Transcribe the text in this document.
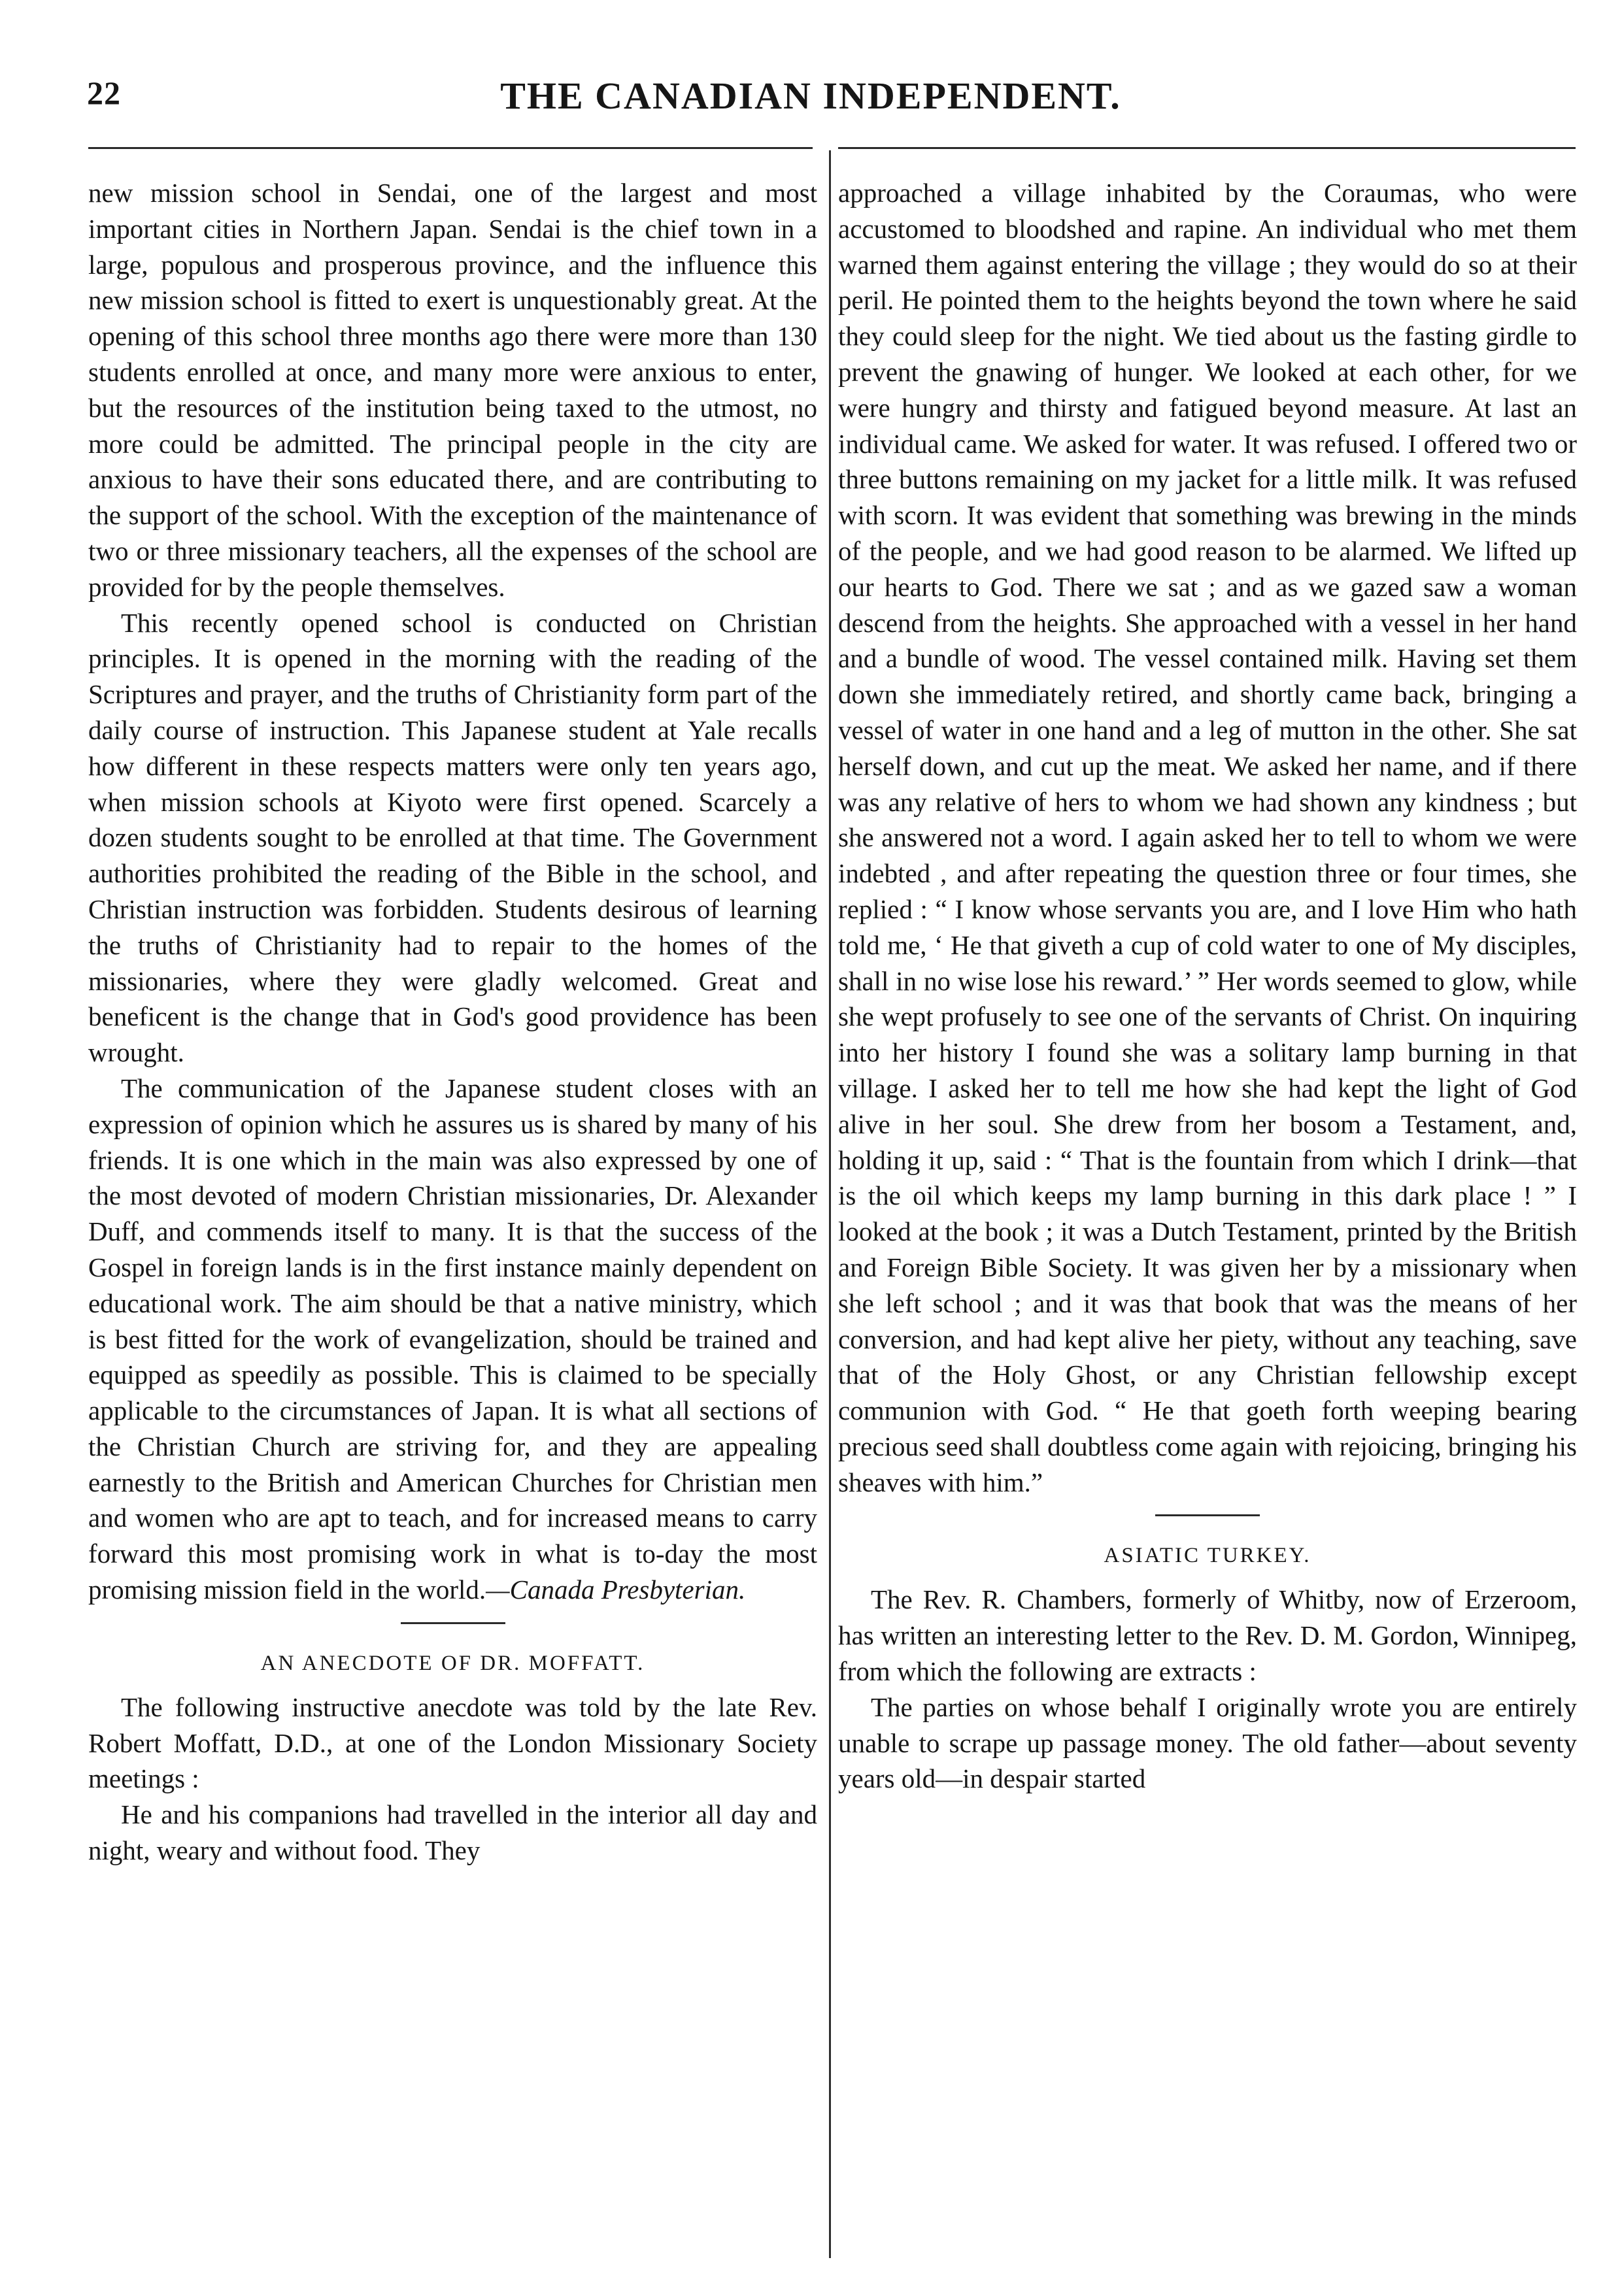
22	THE CANADIAN INDEPENDENT.

new mission school in Sendai, one of the largest and most important cities in Northern Japan. Sendai is the chief town in a large, populous and prosperous province, and the influence this new mission school is fitted to exert is unquestionably great. At the opening of this school three months ago there were more than 130 students enrolled at once, and many more were anxious to enter, but the resources of the institution being taxed to the utmost, no more could be admitted. The principal people in the city are anxious to have their sons educated there, and are contributing to the support of the school. With the exception of the maintenance of two or three missionary teachers, all the expenses of the school are provided for by the people themselves.

This recently opened school is conducted on Christian principles. It is opened in the morning with the reading of the Scriptures and prayer, and the truths of Christianity form part of the daily course of instruction. This Japanese student at Yale recalls how different in these respects matters were only ten years ago, when mission schools at Kiyoto were first opened. Scarcely a dozen students sought to be enrolled at that time. The Government authorities prohibited the reading of the Bible in the school, and Christian instruction was forbidden. Students desirous of learning the truths of Christianity had to repair to the homes of the missionaries, where they were gladly welcomed. Great and beneficent is the change that in God's good providence has been wrought.

The communication of the Japanese student closes with an expression of opinion which he assures us is shared by many of his friends. It is one which in the main was also expressed by one of the most devoted of modern Christian missionaries, Dr. Alexander Duff, and commends itself to many. It is that the success of the Gospel in foreign lands is in the first instance mainly dependent on educational work. The aim should be that a native ministry, which is best fitted for the work of evangelization, should be trained and equipped as speedily as possible. This is claimed to be specially applicable to the circumstances of Japan. It is what all sections of the Christian Church are striving for, and they are appealing earnestly to the British and American Churches for Christian men and women who are apt to teach, and for increased means to carry forward this most promising work in what is to-day the most promising mission field in the world.—Canada Presbyterian.

AN ANECDOTE OF DR. MOFFATT.

The following instructive anecdote was told by the late Rev. Robert Moffatt, D.D., at one of the London Missionary Society meetings :

He and his companions had travelled in the interior all day and night, weary and without food. They

approached a village inhabited by the Coraumas, who were accustomed to bloodshed and rapine. An individual who met them warned them against entering the village ; they would do so at their peril. He pointed them to the heights beyond the town where he said they could sleep for the night. We tied about us the fasting girdle to prevent the gnawing of hunger. We looked at each other, for we were hungry and thirsty and fatigued beyond measure. At last an individual came. We asked for water. It was refused. I offered two or three buttons remaining on my jacket for a little milk. It was refused with scorn. It was evident that something was brewing in the minds of the people, and we had good reason to be alarmed. We lifted up our hearts to God. There we sat ; and as we gazed saw a woman descend from the heights. She approached with a vessel in her hand and a bundle of wood. The vessel contained milk. Having set them down she immediately retired, and shortly came back, bringing a vessel of water in one hand and a leg of mutton in the other. She sat herself down, and cut up the meat. We asked her name, and if there was any relative of hers to whom we had shown any kindness ; but she answered not a word. I again asked her to tell to whom we were indebted , and after repeating the question three or four times, she replied : “ I know whose servants you are, and I love Him who hath told me, ‘ He that giveth a cup of cold water to one of My disciples, shall in no wise lose his reward.’ ” Her words seemed to glow, while she wept profusely to see one of the servants of Christ. On inquiring into her history I found she was a solitary lamp burning in that village. I asked her to tell me how she had kept the light of God alive in her soul. She drew from her bosom a Testament, and, holding it up, said : “ That is the fountain from which I drink—that is the oil which keeps my lamp burning in this dark place ! ” I looked at the book ; it was a Dutch Testament, printed by the British and Foreign Bible Society. It was given her by a missionary when she left school ; and it was that book that was the means of her conversion, and had kept alive her piety, without any teaching, save that of the Holy Ghost, or any Christian fellowship except communion with God. “ He that goeth forth weeping bearing precious seed shall doubtless come again with rejoicing, bringing his sheaves with him.”

ASIATIC TURKEY.

The Rev. R. Chambers, formerly of Whitby, now of Erzeroom, has written an interesting letter to the Rev. D. M. Gordon, Winnipeg, from which the following are extracts :

The parties on whose behalf I originally wrote you are entirely unable to scrape up passage money. The old father—about seventy years old—in despair started
